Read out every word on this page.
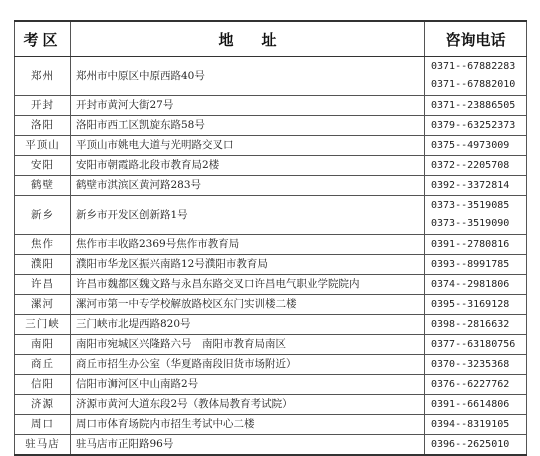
考区	地址	咨询电话
郑州	郑州市中原区中原西路40号	0371--67882283
0371--67882010

开封	开封市黄河大街27号	0371--23886505

洛阳	洛阳市西工区凯旋东路58号	0379--63252373

平顶山	平顶山市姚电大道与光明路交叉口	0375--4973009

安阳	安阳市朝霞路北段市教育局2楼	0372--2205708

鹤壁	鹤壁市淇滨区黄河路283号	0392--3372814

新乡	新乡市开发区创新路1号	0373--3519085
0373--3519090

焦作	焦作市丰收路2369号焦作市教育局	0391--2780816

濮阳	濮阳市华龙区振兴南路12号濮阳市教育局	0393--8991785

许昌	许昌市魏都区魏文路与永昌东路交叉口许昌电气职业学院院内	0374--2981806

漯河	漯河市第一中专学校解放路校区东门实训楼二楼	0395--3169128

三门峡	三门峡市北堤西路820号	0398--2816632

南阳	南阳市宛城区兴隆路六号　南阳市教育局南区	0377--63180756

商丘	商丘市招生办公室（华夏路南段旧货市场附近）	0370--3235368

信阳	信阳市浉河区中山南路2号	0376--6227762

济源	济源市黄河大道东段2号（教体局教育考试院）	0391--6614806

周口	周口市体育场院内市招生考试中心二楼	0394--8319105

驻马店	驻马店市正阳路96号	0396--2625010
